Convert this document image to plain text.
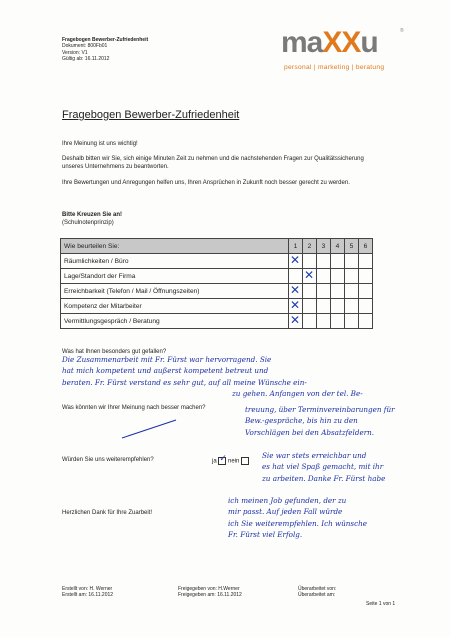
Fragebogen Bewerber-Zufriedenheit
Dokument: 800Fb01
Version: V1
Gültig ab: 16.11.2012
maXXu	®
personal | marketing | beratung
Fragebogen Bewerber-Zufriedenheit
Ihre Meinung ist uns wichtig!
Deshalb bitten wir Sie, sich einige Minuten Zeit zu nehmen und die nachstehenden Fragen zur Qualitätssicherung unseres Unternehmens zu beantworten.
Ihre Bewertungen und Anregungen helfen uns, Ihren Ansprüchen in Zukunft noch besser gerecht zu werden.
Bitte Kreuzen Sie an!
(Schulnotenprinzip)
Wie beurteilen Sie:	1	2	3	4	5	6
Räumlichkeiten / Büro	✕					

Lage/Standort der Firma		✕				

Erreichbarkeit (Telefon / Mail / Öffnungszeiten)	✕					

Kompetenz der Mitarbeiter	✕					

Vermittlungsgespräch / Beratung	✕					

Was hat Ihnen besonders gut gefallen?
Die Zusammenarbeit mit Fr. Fürst war hervorragend. Sie
hat mich kompetent und außerst kompetent betreut und
beraten. Fr. Fürst verstand es sehr gut, auf all meine Wünsche ein-
zu gehen. Anfangen von der tel. Be-
Was könnten wir Ihrer Meinung nach besser machen?	treuung, über Terminvereinbarungen für
Bew.-gespräche, bis hin zu den
Vorschlägen bei den Absatzfeldern.
Würden Sie uns weiterempfehlen?	ja ✓ nein
Sie war stets erreichbar und
es hat viel Spaß gemacht, mit ihr
zu arbeiten. Danke Fr. Fürst habe
ich meinen Job gefunden, der zu
mir passt. Auf jeden Fall würde
ich Sie weiterempfehlen. Ich wünsche
Fr. Fürst viel Erfolg.
Herzlichen Dank für Ihre Zuarbeit!
Erstellt von: H. Werner
Erstellt am: 16.11.2012
Freigegeben von: H.Werner
Freigegeben am: 16.11.2012
Überarbeitet von:
Überarbeitet am:
Seite 1 von 1
